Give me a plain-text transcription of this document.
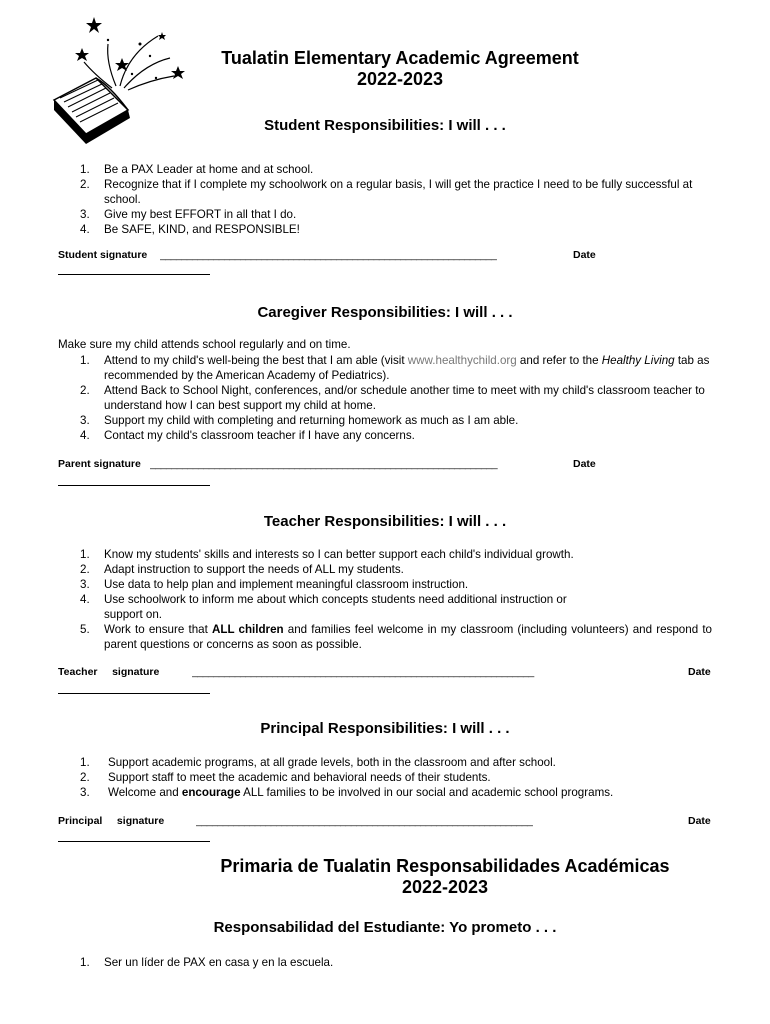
Tualatin Elementary Academic Agreement
2022-2023
Student Responsibilities: I will . . .
1. Be a PAX Leader at home and at school.
2. Recognize that if I complete my schoolwork on a regular basis, I will get the practice I need to be fully successful at school.
3. Give my best EFFORT in all that I do.
4. Be SAFE, KIND, and RESPONSIBLE!
Student signature _______________________________________________________________	Date
Caregiver Responsibilities: I will . . .
Make sure my child attends school regularly and on time.
1. Attend to my child's well-being the best that I am able (visit www.healthychild.org and refer to the Healthy Living tab as recommended by the American Academy of Pediatrics).
2. Attend Back to School Night, conferences, and/or schedule another time to meet with my child's classroom teacher to understand how I can best support my child at home.
3. Support my child with completing and returning homework as much as I am able.
4. Contact my child's classroom teacher if I have any concerns.
Parent signature _________________________________________________________________	Date
Teacher Responsibilities: I will . . .
1. Know my students' skills and interests so I can better support each child's individual growth.
2. Adapt instruction to support the needs of ALL my students.
3. Use data to help plan and implement meaningful classroom instruction.
4. Use schoolwork to inform me about which concepts students need additional instruction or support on.
5. Work to ensure that ALL children and families feel welcome in my classroom (including volunteers) and respond to parent questions or concerns as soon as possible.
Teacher     signature	________________________________________________________________	Date
Principal Responsibilities: I will . . .
1. Support academic programs, at all grade levels, both in the classroom and after school.
2. Support staff to meet the academic and behavioral needs of their students.
3. Welcome and encourage ALL families to be involved in our social and academic school programs.
Principal     signature	_______________________________________________________________	Date
Primaria de Tualatin Responsabilidades Académicas
2022-2023
Responsabilidad del Estudiante: Yo prometo . . .
1. Ser un líder de PAX en casa y en la escuela.
